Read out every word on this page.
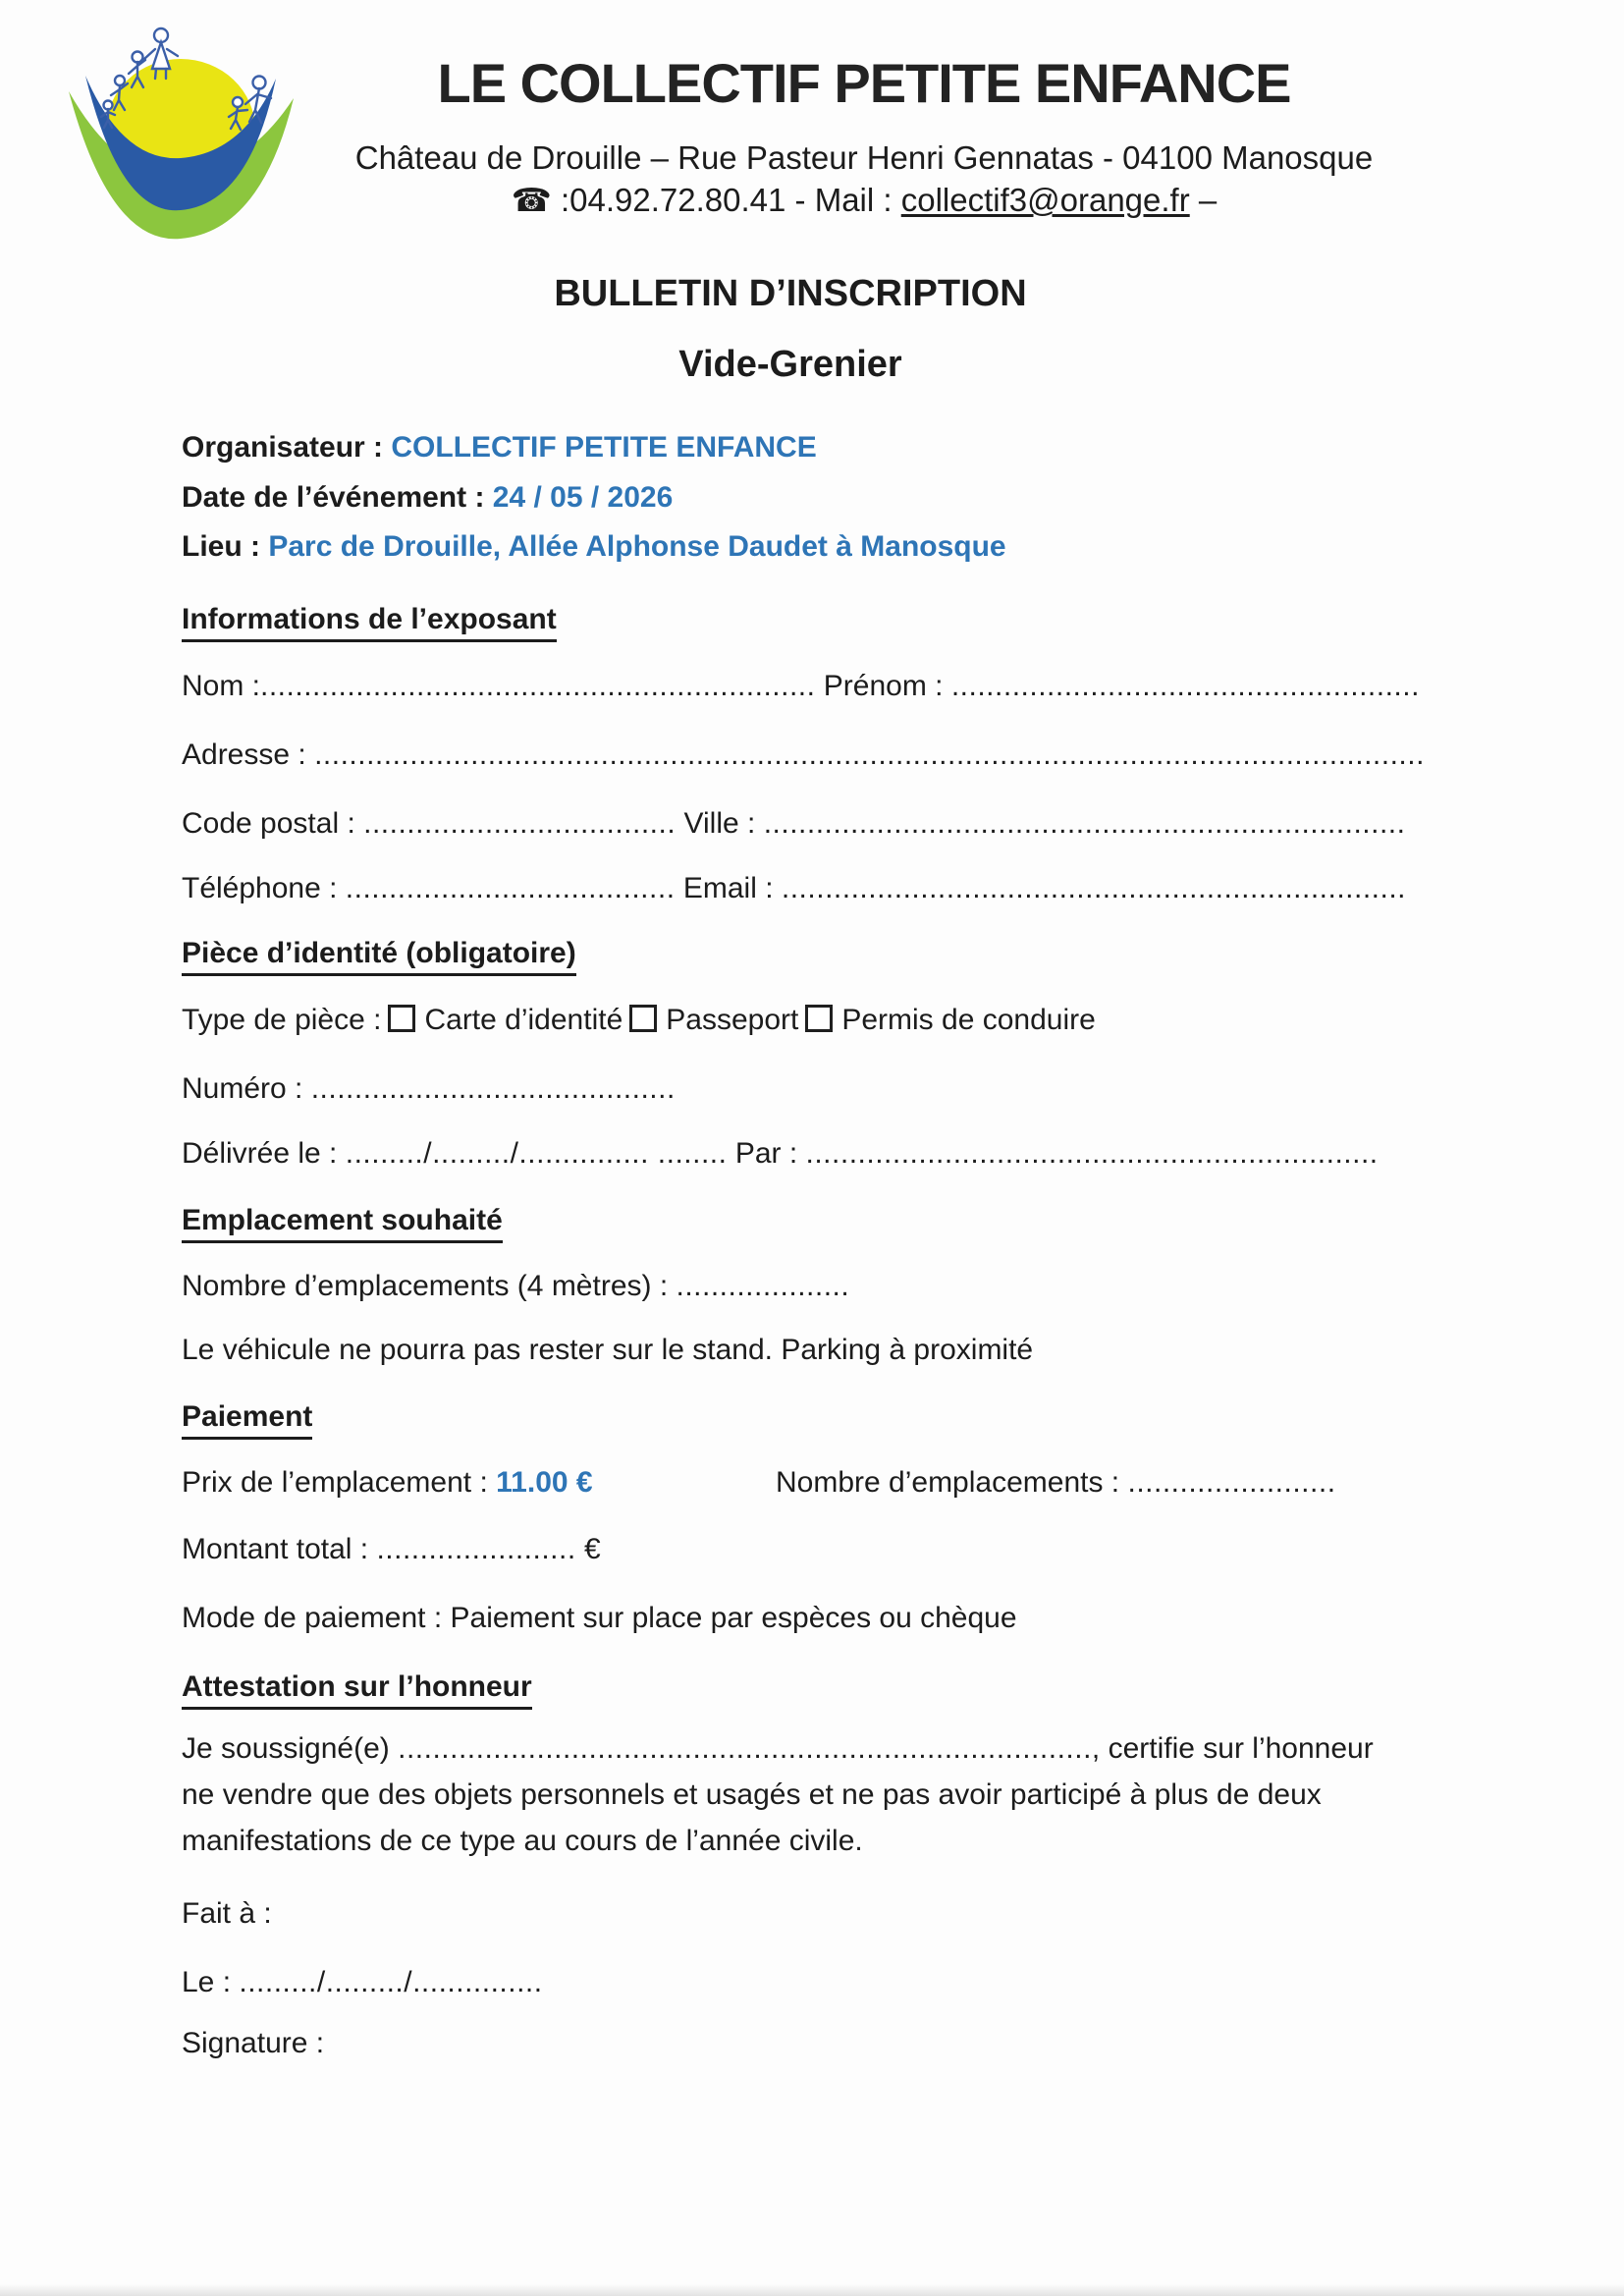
LE COLLECTIF PETITE ENFANCE
Château de Drouille – Rue Pasteur Henri Gennatas - 04100 Manosque
☎ :04.92.72.80.41 - Mail : collectif3@orange.fr –
BULLETIN D’INSCRIPTION
Vide-Grenier
Organisateur : COLLECTIF PETITE ENFANCE
Date de l’événement : 24 / 05 / 2026
Lieu : Parc de Drouille, Allée Alphonse Daudet à Manosque
Informations de l’exposant
Nom :................................................................ Prénom : ......................................................
Adresse : ................................................................................................................................
Code postal : .................................... Ville : ..........................................................................
Téléphone : ...................................... Email : ........................................................................
Pièce d’identité (obligatoire)
Type de pièce : Carte d’identité Passeport Permis de conduire
Numéro : ..........................................
Délivrée le : ........./........./............... ........ Par : ..................................................................
Emplacement souhaité
Nombre d’emplacements (4 mètres) : ....................
Le véhicule ne pourra pas rester sur le stand. Parking à proximité
Paiement
Prix de l’emplacement : 11.00 €	Nombre d’emplacements : ........................
Montant total : ....................... €
Mode de paiement : Paiement sur place par espèces ou chèque
Attestation sur l’honneur
Je soussigné(e) ................................................................................, certifie sur l’honneur
ne vendre que des objets personnels et usagés et ne pas avoir participé à plus de deux
manifestations de ce type au cours de l’année civile.
Fait à :
Le : ........./........./...............
Signature :
